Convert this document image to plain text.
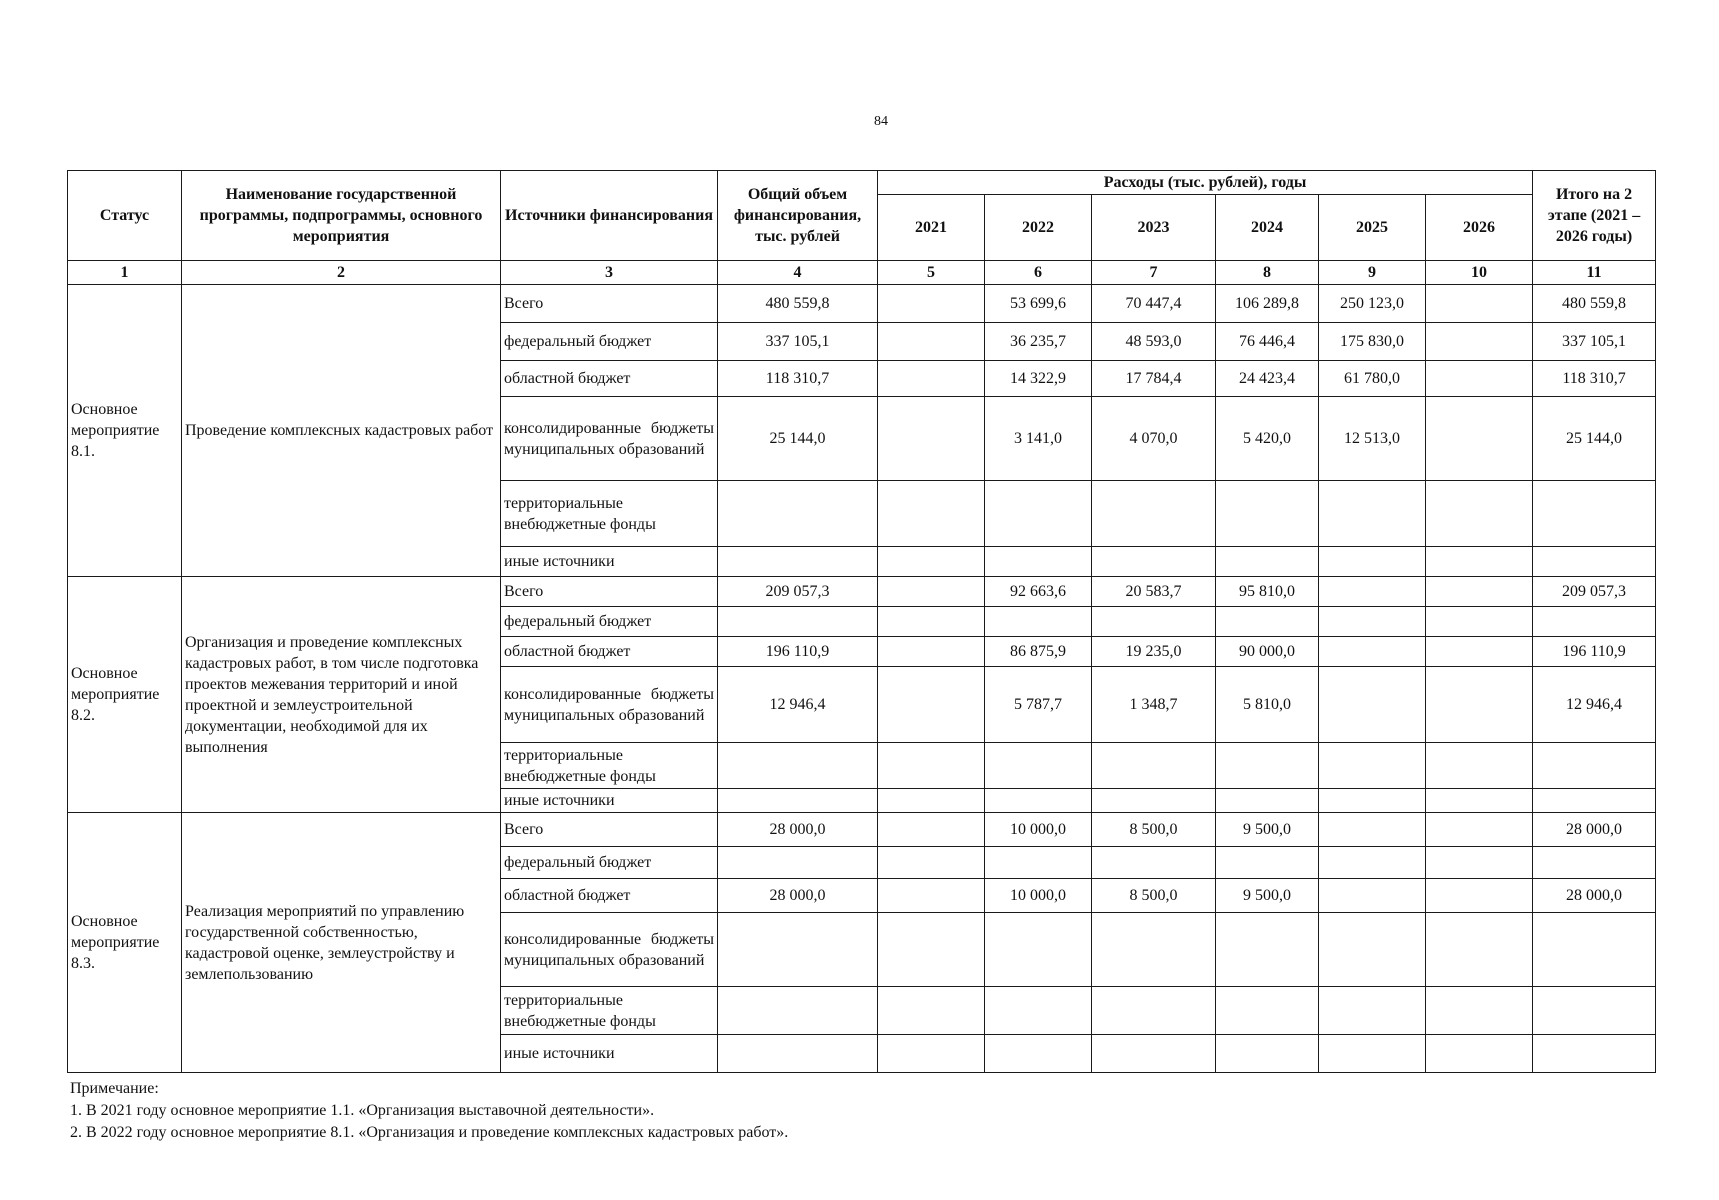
84
Статус	Наименование государственной программы, подпрограммы, основного мероприятия	Источники финансирования	Общий объем финансирования, тыс. рублей	Расходы (тыс. рублей), годы						Итого на 2 этапе (2021 – 2026 годы)
				2021	2022	2023	2024	2025	2026	
1	2	3	4	5	6	7	8	9	10	11
Основное мероприятие 8.1.	Проведение комплексных кадастровых работ	Всего	480 559,8		53 699,6	70 447,4	106 289,8	250 123,0		480 559,8

		федеральный бюджет	337 105,1		36 235,7	48 593,0	76 446,4	175 830,0		337 105,1

		областной бюджет	118 310,7		14 322,9	17 784,4	24 423,4	61 780,0		118 310,7

		консолидированные бюджеты муниципальных образований	25 144,0		3 141,0	4 070,0	5 420,0	12 513,0		25 144,0

		территориальные внебюджетные фонды								

		иные источники								

Основное мероприятие 8.2.	Организация и проведение комплексных кадастровых работ, в том числе подготовка проектов межевания территорий и иной проектной и землеустроительной документации, необходимой для их выполнения	Всего	209 057,3		92 663,6	20 583,7	95 810,0			209 057,3

		федеральный бюджет								

		областной бюджет	196 110,9		86 875,9	19 235,0	90 000,0			196 110,9

		консолидированные бюджеты муниципальных образований	12 946,4		5 787,7	1 348,7	5 810,0			12 946,4

		территориальные внебюджетные фонды								

		иные источники								

Основное мероприятие 8.3.	Реализация мероприятий по управлению государственной собственностью, кадастровой оценке, землеустройству и землепользованию	Всего	28 000,0		10 000,0	8 500,0	9 500,0			28 000,0

		федеральный бюджет								

		областной бюджет	28 000,0		10 000,0	8 500,0	9 500,0			28 000,0

		консолидированные бюджеты муниципальных образований								

		территориальные внебюджетные фонды								

		иные источники								

Примечание:
1. В 2021 году основное мероприятие 1.1. «Организация выставочной деятельности».
2. В 2022 году основное мероприятие 8.1. «Организация и проведение комплексных кадастровых работ».
